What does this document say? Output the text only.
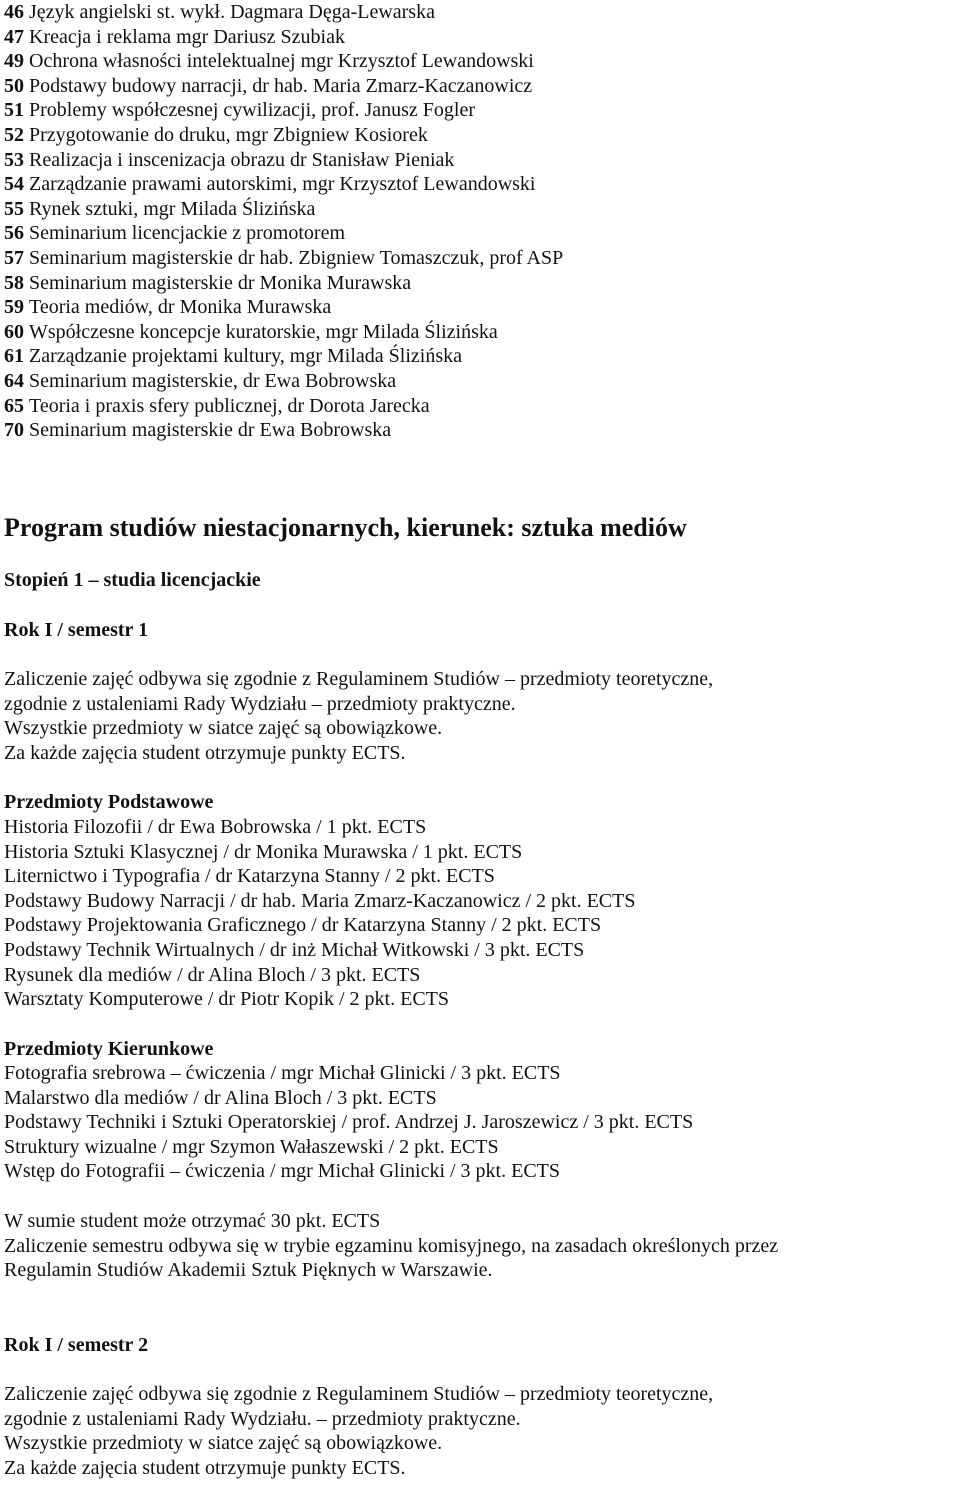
46 Język angielski st. wykł. Dagmara Dęga-Lewarska
47 Kreacja i reklama mgr Dariusz Szubiak
49 Ochrona własności intelektualnej mgr Krzysztof Lewandowski
50 Podstawy budowy narracji, dr hab. Maria Zmarz-Kaczanowicz
51 Problemy współczesnej cywilizacji, prof. Janusz Fogler
52 Przygotowanie do druku, mgr Zbigniew Kosiorek
53 Realizacja i inscenizacja obrazu dr Stanisław Pieniak
54 Zarządzanie prawami autorskimi, mgr Krzysztof Lewandowski
55 Rynek sztuki, mgr Milada Ślizińska
56 Seminarium licencjackie z promotorem
57 Seminarium magisterskie dr hab. Zbigniew Tomaszczuk, prof ASP
58 Seminarium magisterskie dr Monika Murawska
59 Teoria mediów, dr Monika Murawska
60 Współczesne koncepcje kuratorskie, mgr Milada Ślizińska
61 Zarządzanie projektami kultury, mgr Milada Ślizińska
64 Seminarium magisterskie, dr Ewa Bobrowska
65 Teoria i praxis sfery publicznej, dr Dorota Jarecka
70 Seminarium magisterskie dr Ewa Bobrowska
Program studiów niestacjonarnych, kierunek: sztuka mediów
Stopień 1 – studia licencjackie
Rok I / semestr 1
Zaliczenie zajęć odbywa się zgodnie z Regulaminem Studiów – przedmioty teoretyczne,
zgodnie z ustaleniami Rady Wydziału – przedmioty praktyczne.
Wszystkie przedmioty w siatce zajęć są obowiązkowe.
Za każde zajęcia student otrzymuje punkty ECTS.
Przedmioty Podstawowe
Historia Filozofii / dr Ewa Bobrowska / 1 pkt. ECTS
Historia Sztuki Klasycznej / dr Monika Murawska / 1 pkt. ECTS
Liternictwo i Typografia / dr Katarzyna Stanny / 2 pkt. ECTS
Podstawy Budowy Narracji / dr hab. Maria Zmarz-Kaczanowicz / 2 pkt. ECTS
Podstawy Projektowania Graficznego / dr Katarzyna Stanny / 2 pkt. ECTS
Podstawy Technik Wirtualnych / dr inż Michał Witkowski / 3 pkt. ECTS
Rysunek dla mediów / dr Alina Bloch / 3 pkt. ECTS
Warsztaty Komputerowe / dr Piotr Kopik / 2 pkt. ECTS
Przedmioty Kierunkowe
Fotografia srebrowa – ćwiczenia / mgr Michał Glinicki / 3 pkt. ECTS
Malarstwo dla mediów / dr Alina Bloch / 3 pkt. ECTS
Podstawy Techniki i Sztuki Operatorskiej / prof. Andrzej J. Jaroszewicz / 3 pkt. ECTS
Struktury wizualne / mgr Szymon Wałaszewski / 2 pkt. ECTS
Wstęp do Fotografii – ćwiczenia / mgr Michał Glinicki / 3 pkt. ECTS
W sumie student może otrzymać 30 pkt. ECTS
Zaliczenie semestru odbywa się w trybie egzaminu komisyjnego, na zasadach określonych przez
Regulamin Studiów Akademii Sztuk Pięknych w Warszawie.
Rok I / semestr 2
Zaliczenie zajęć odbywa się zgodnie z Regulaminem Studiów – przedmioty teoretyczne,
zgodnie z ustaleniami Rady Wydziału. – przedmioty praktyczne.
Wszystkie przedmioty w siatce zajęć są obowiązkowe.
Za każde zajęcia student otrzymuje punkty ECTS.
